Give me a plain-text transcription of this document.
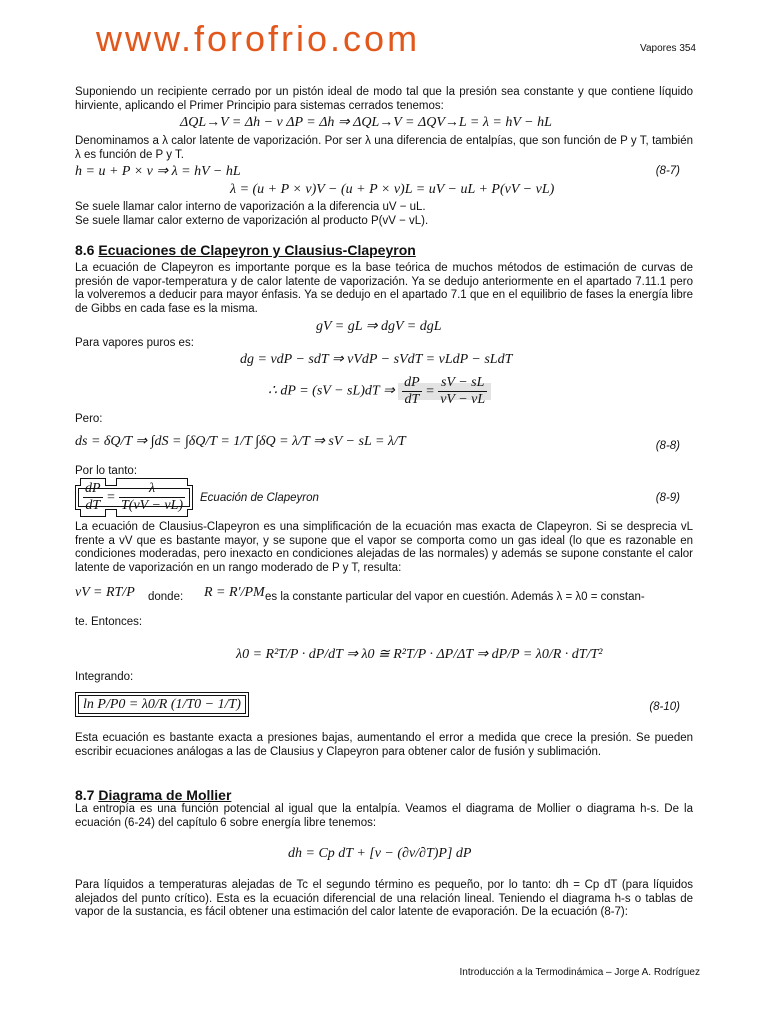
www.forofrio.com	Vapores 354
Suponiendo un recipiente cerrado por un pistón ideal de modo tal que la presión sea constante y que contiene líquido hirviente, aplicando el Primer Principio para sistemas cerrados tenemos:
ΔQL→V = Δh − v ΔP = Δh ⇒ ΔQL→V = ΔQV→L = λ = hV − hL
Denominamos a λ calor latente de vaporización. Por ser λ una diferencia de entalpías, que son función de P y T, también λ es función de P y T.
h = u + P × v ⇒ λ = hV − hL	(8-7)
λ = (u + P × v)V − (u + P × v)L = uV − uL + P(vV − vL)
Se suele llamar calor interno de vaporización a la diferencia uV − uL.
Se suele llamar calor externo de vaporización al producto P(vV − vL).
8.6 Ecuaciones de Clapeyron y Clausius-Clapeyron
La ecuación de Clapeyron es importante porque es la base teórica de muchos métodos de estimación de curvas de presión de vapor-temperatura y de calor latente de vaporización. Ya se dedujo anteriormente en el apartado 7.11.1 pero la volveremos a deducir para mayor énfasis. Ya se dedujo en el apartado 7.1 que en el equilibrio de fases la energía libre de Gibbs en cada fase es la misma.
gV = gL ⇒ dgV = dgL
Para vapores puros es:
dg = vdP − sdT ⇒ vVdP − sVdT = vLdP − sLdT
∴ dP = (sV − sL)dT ⇒ $\frac{dP}{dT} = \frac{sV - sL}{vV - vL}$
Pero:
ds = δQ/T ⇒ ∫dS = ∫δQ/T = 1/T ∫δQ = λ/T ⇒ sV − sL = λ/T	(8-8)
Por lo tanto:
$\frac{dP}{dT} = \frac{\lambda}{T(vV - vL)}$ Ecuación de Clapeyron	(8-9)
La ecuación de Clausius-Clapeyron es una simplificación de la ecuación mas exacta de Clapeyron. Si se desprecia vL frente a vV que es bastante mayor, y se supone que el vapor se comporta como un gas ideal (lo que es razonable en condiciones moderadas, pero inexacto en condiciones alejadas de las normales) y además se supone constante el calor latente de vaporización en un rango moderado de P y T, resulta:
vV = RT/P donde: R = R′/PM es la constante particular del vapor en cuestión. Además λ = λ0 = constan-
te. Entonces:
λ0 = R²T/P · dP/dT ⇒ λ0 ≅ R²T/P · ΔP/ΔT ⇒ dP/P = λ0/R · dT/T²
Integrando:
ln P/P0 = λ0/R (1/T0 − 1/T)	(8-10)
Esta ecuación es bastante exacta a presiones bajas, aumentando el error a medida que crece la presión. Se pueden escribir ecuaciones análogas a las de Clausius y Clapeyron para obtener calor de fusión y sublimación.
8.7 Diagrama de Mollier
La entropía es una función potencial al igual que la entalpía. Veamos el diagrama de Mollier o diagrama h-s. De la ecuación (6-24) del capítulo 6 sobre energía libre tenemos:
dh = Cp dT + [v − (∂v/∂T)P] dP
Para líquidos a temperaturas alejadas de Tc el segundo término es pequeño, por lo tanto: dh = Cp dT (para líquidos alejados del punto crítico). Esta es la ecuación diferencial de una relación lineal. Teniendo el diagrama h-s o tablas de vapor de la sustancia, es fácil obtener una estimación del calor latente de evaporación. De la ecuación (8-7):
Introducción a la Termodinámica – Jorge A. Rodríguez
